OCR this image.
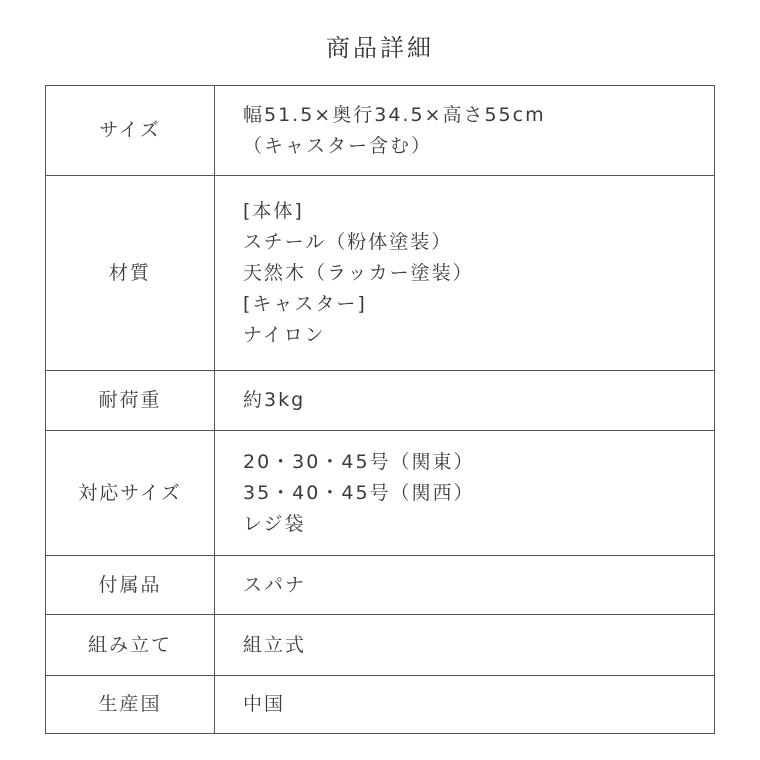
商品詳細
サイズ	幅51.5×奥行34.5×高さ55cm
（キャスター含む）

材質	[本体]
スチール（粉体塗装）
天然木（ラッカー塗装）
[キャスター]
ナイロン

耐荷重	約3kg

対応サイズ	20・30・45号（関東）
35・40・45号（関西）
レジ袋

付属品	スパナ

組み立て	組立式

生産国	中国
